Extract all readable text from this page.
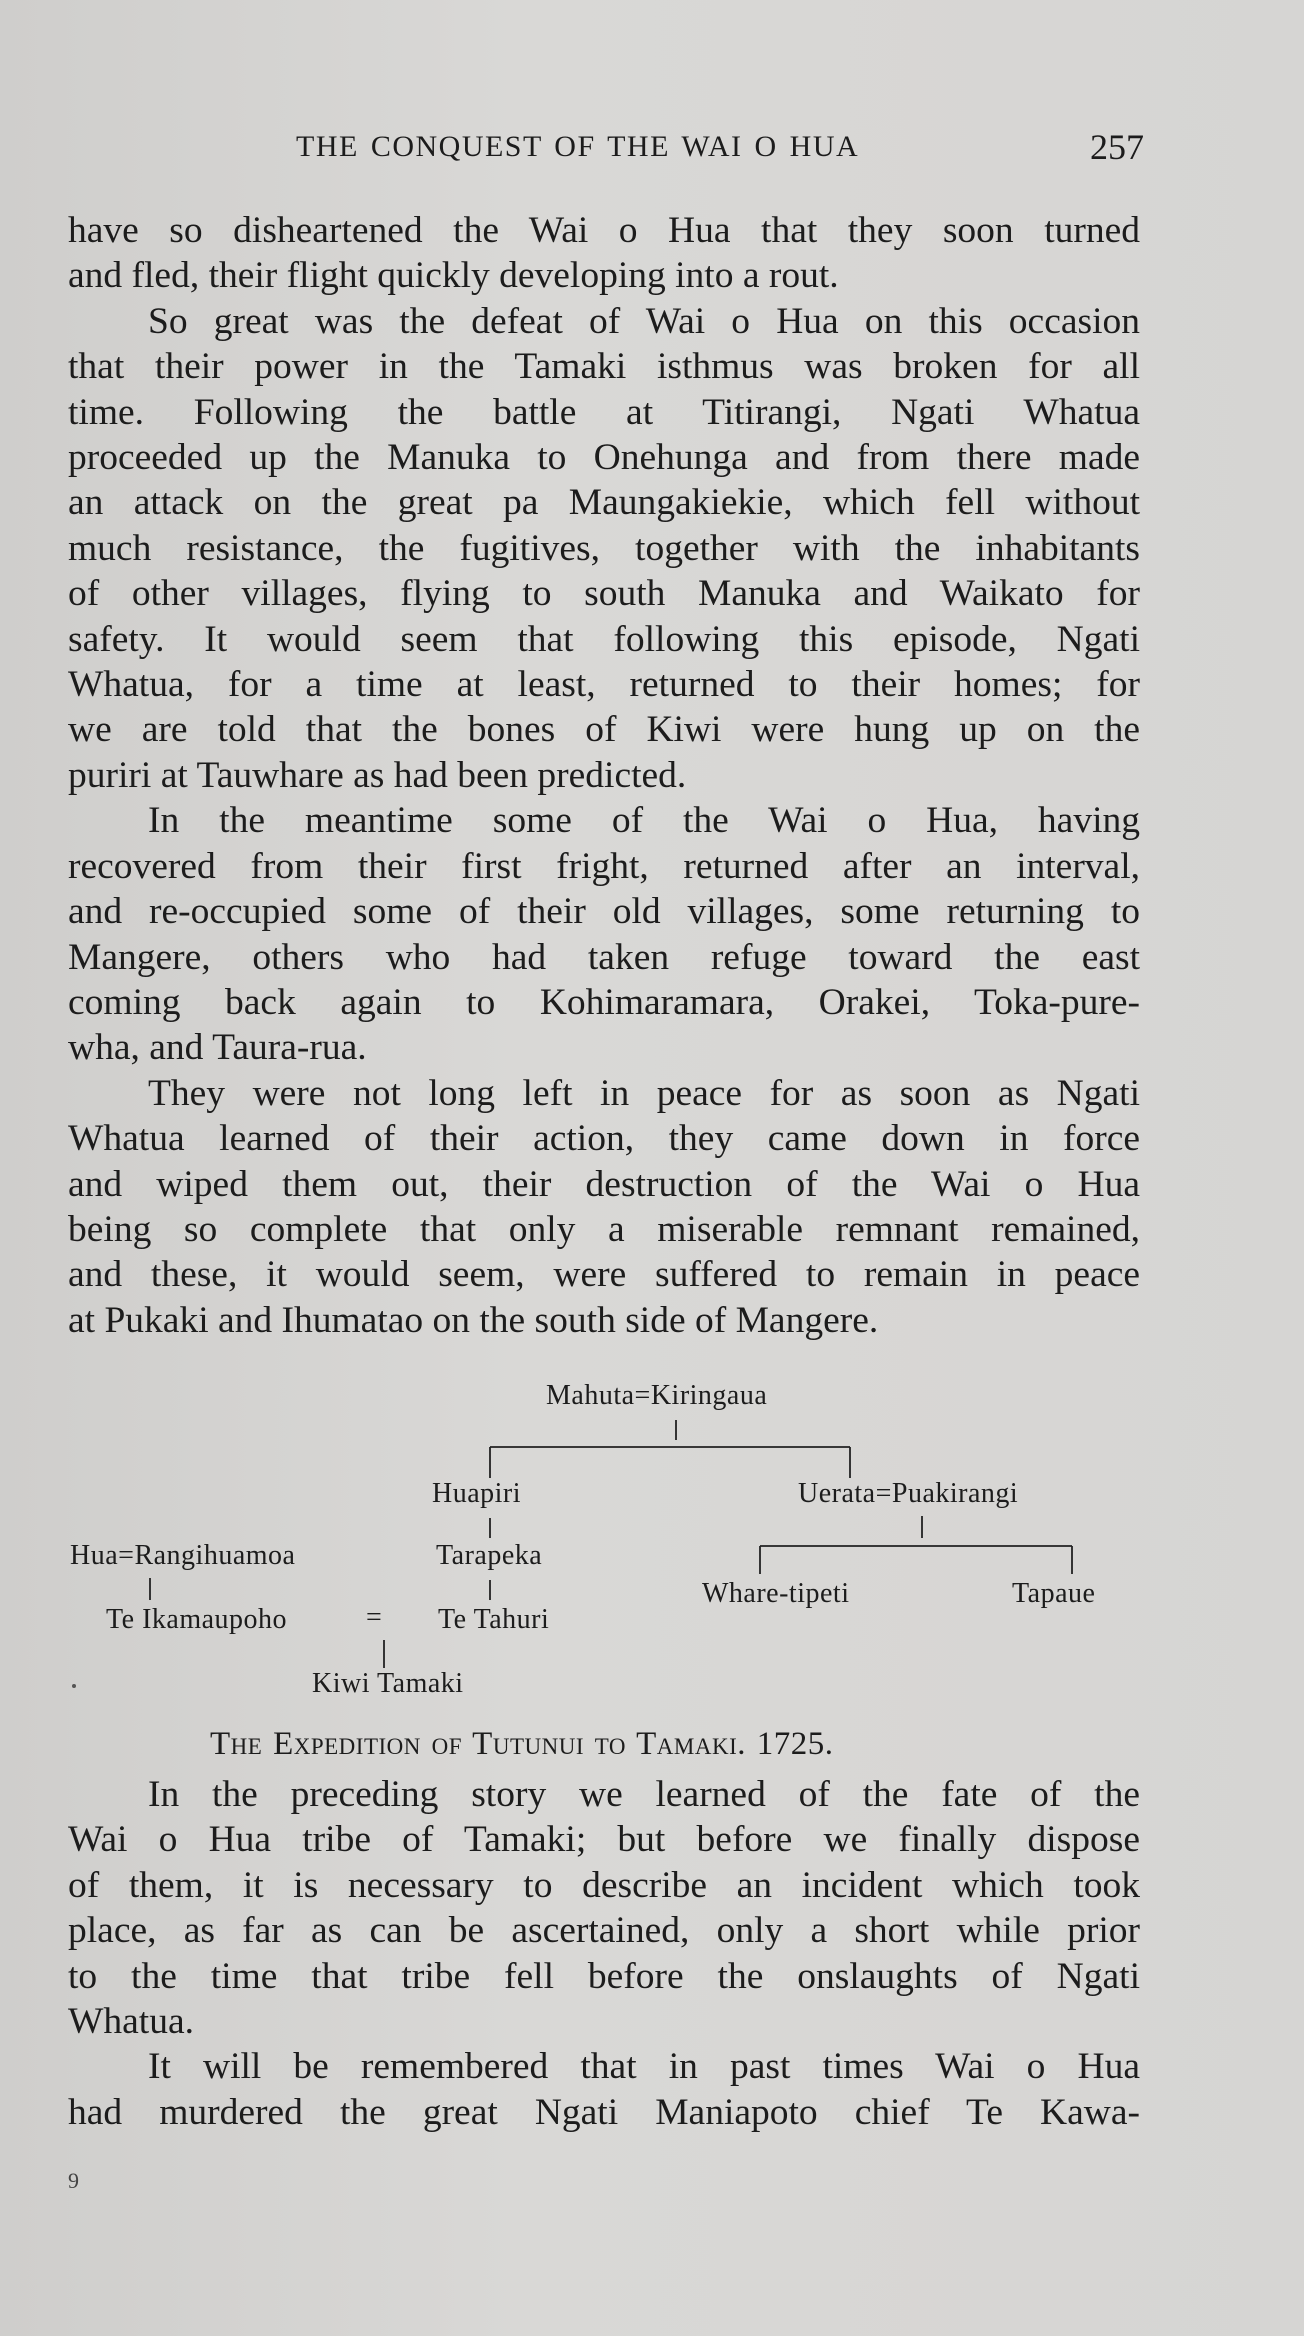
THE CONQUEST OF THE WAI O HUA	257
have so disheartened the Wai o Hua that they soon turned
and fled, their flight quickly developing into a rout.
So great was the defeat of Wai o Hua on this occasion
that their power in the Tamaki isthmus was broken for all
time. Following the battle at Titirangi, Ngati Whatua
proceeded up the Manuka to Onehunga and from there made
an attack on the great pa Maungakiekie, which fell without
much resistance, the fugitives, together with the inhabitants
of other villages, flying to south Manuka and Waikato for
safety. It would seem that following this episode, Ngati
Whatua, for a time at least, returned to their homes; for
we are told that the bones of Kiwi were hung up on the
puriri at Tauwhare as had been predicted.
In the meantime some of the Wai o Hua, having
recovered from their first fright, returned after an interval,
and re-occupied some of their old villages, some returning to
Mangere, others who had taken refuge toward the east
coming back again to Kohimaramara, Orakei, Toka-pure-
wha, and Taura-rua.
They were not long left in peace for as soon as Ngati
Whatua learned of their action, they came down in force
and wiped them out, their destruction of the Wai o Hua
being so complete that only a miserable remnant remained,
and these, it would seem, were suffered to remain in peace
at Pukaki and Ihumatao on the south side of Mangere.
Mahuta=Kiringaua
Huapiri	Uerata=Puakirangi
Hua=Rangihuamoa	Tarapeka
Whare-tipeti	Tapaue
Te Ikamaupoho	= Te Tahuri
Kiwi Tamaki
The Expedition of Tutunui to Tamaki. 1725.
In the preceding story we learned of the fate of the
Wai o Hua tribe of Tamaki; but before we finally dispose
of them, it is necessary to describe an incident which took
place, as far as can be ascertained, only a short while prior
to the time that tribe fell before the onslaughts of Ngati
Whatua.
It will be remembered that in past times Wai o Hua
had murdered the great Ngati Maniapoto chief Te Kawa-
9
